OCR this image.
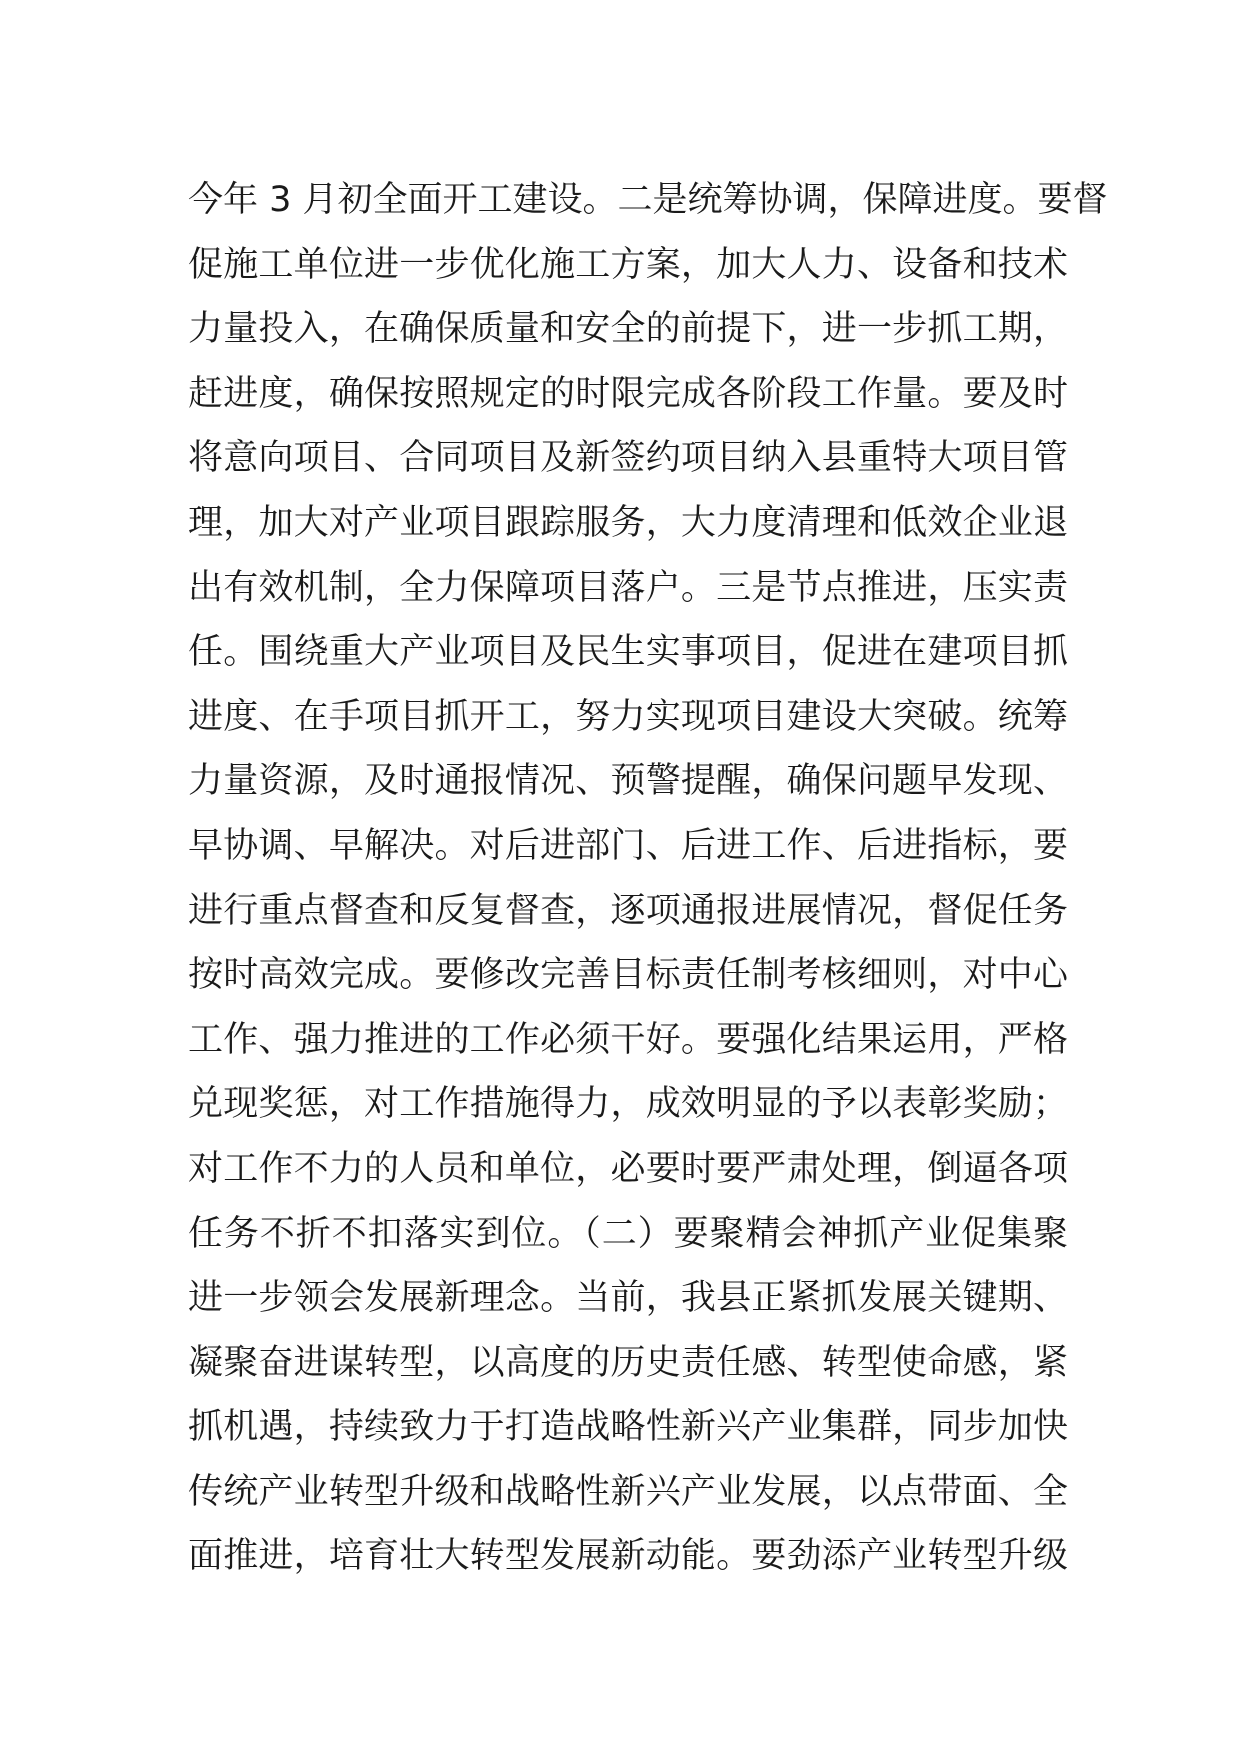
今年 3 月初全面开工建设。二是统筹协调，保障进度。要督
促施工单位进一步优化施工方案，加大人力、设备和技术
力量投入，在确保质量和安全的前提下，进一步抓工期，
赶进度，确保按照规定的时限完成各阶段工作量。要及时
将意向项目、合同项目及新签约项目纳入县重特大项目管
理，加大对产业项目跟踪服务，大力度清理和低效企业退
出有效机制，全力保障项目落户。三是节点推进，压实责
任。围绕重大产业项目及民生实事项目，促进在建项目抓
进度、在手项目抓开工，努力实现项目建设大突破。统筹
力量资源，及时通报情况、预警提醒，确保问题早发现、
早协调、早解决。对后进部门、后进工作、后进指标，要
进行重点督查和反复督查，逐项通报进展情况，督促任务
按时高效完成。要修改完善目标责任制考核细则，对中心
工作、强力推进的工作必须干好。要强化结果运用，严格
兑现奖惩，对工作措施得力，成效明显的予以表彰奖励；
对工作不力的人员和单位，必要时要严肃处理，倒逼各项
任务不折不扣落实到位。（二）要聚精会神抓产业促集聚
进一步领会发展新理念。当前，我县正紧抓发展关键期、
凝聚奋进谋转型，以高度的历史责任感、转型使命感，紧
抓机遇，持续致力于打造战略性新兴产业集群，同步加快
传统产业转型升级和战略性新兴产业发展，以点带面、全
面推进，培育壮大转型发展新动能。要劲添产业转型升级
